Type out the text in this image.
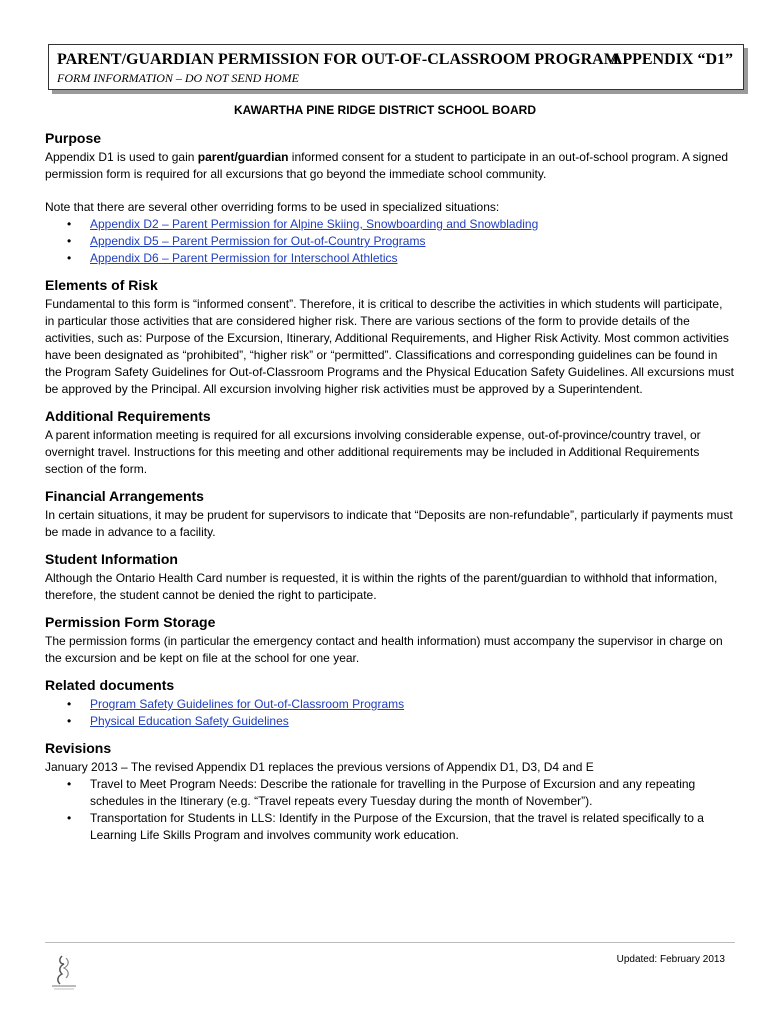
PARENT/GUARDIAN PERMISSION FOR OUT-OF-CLASSROOM PROGRAM
APPENDIX “D1”
FORM INFORMATION – DO NOT SEND HOME
KAWARTHA PINE RIDGE DISTRICT SCHOOL BOARD
Purpose

Appendix D1 is used to gain parent/guardian informed consent for a student to participate in an out-of-school program. A signed permission form is required for all excursions that go beyond the immediate school community.

Note that there are several other overriding forms to be used in specialized situations:

• Appendix D2 – Parent Permission for Alpine Skiing, Snowboarding and Snowblading
• Appendix D5 – Parent Permission for Out-of-Country Programs
• Appendix D6 – Parent Permission for Interschool Athletics
Elements of Risk

Fundamental to this form is “informed consent”. Therefore, it is critical to describe the activities in which students will participate, in particular those activities that are considered higher risk. There are various sections of the form to provide details of the activities, such as: Purpose of the Excursion, Itinerary, Additional Requirements, and Higher Risk Activity. Most common activities have been designated as “prohibited”, “higher risk” or “permitted”. Classifications and corresponding guidelines can be found in the Program Safety Guidelines for Out-of-Classroom Programs and the Physical Education Safety Guidelines. All excursions must be approved by the Principal. All excursion involving higher risk activities must be approved by a Superintendent.

Additional Requirements

A parent information meeting is required for all excursions involving considerable expense, out-of-province/country travel, or overnight travel. Instructions for this meeting and other additional requirements may be included in Additional Requirements section of the form.

Financial Arrangements

In certain situations, it may be prudent for supervisors to indicate that “Deposits are non-refundable”, particularly if payments must be made in advance to a facility.

Student Information

Although the Ontario Health Card number is requested, it is within the rights of the parent/guardian to withhold that information, therefore, the student cannot be denied the right to participate.

Permission Form Storage

The permission forms (in particular the emergency contact and health information) must accompany the supervisor in charge on the excursion and be kept on file at the school for one year.

Related documents
• Program Safety Guidelines for Out-of-Classroom Programs
• Physical Education Safety Guidelines
Revisions

January 2013 – The revised Appendix D1 replaces the previous versions of Appendix D1, D3, D4 and E

• Travel to Meet Program Needs: Describe the rationale for travelling in the Purpose of Excursion and any repeating schedules in the Itinerary (e.g. “Travel repeats every Tuesday during the month of November”).
• Transportation for Students in LLS: Identify in the Purpose of the Excursion, that the travel is related specifically to a Learning Life Skills Program and involves community work education.
Updated: February 2013
